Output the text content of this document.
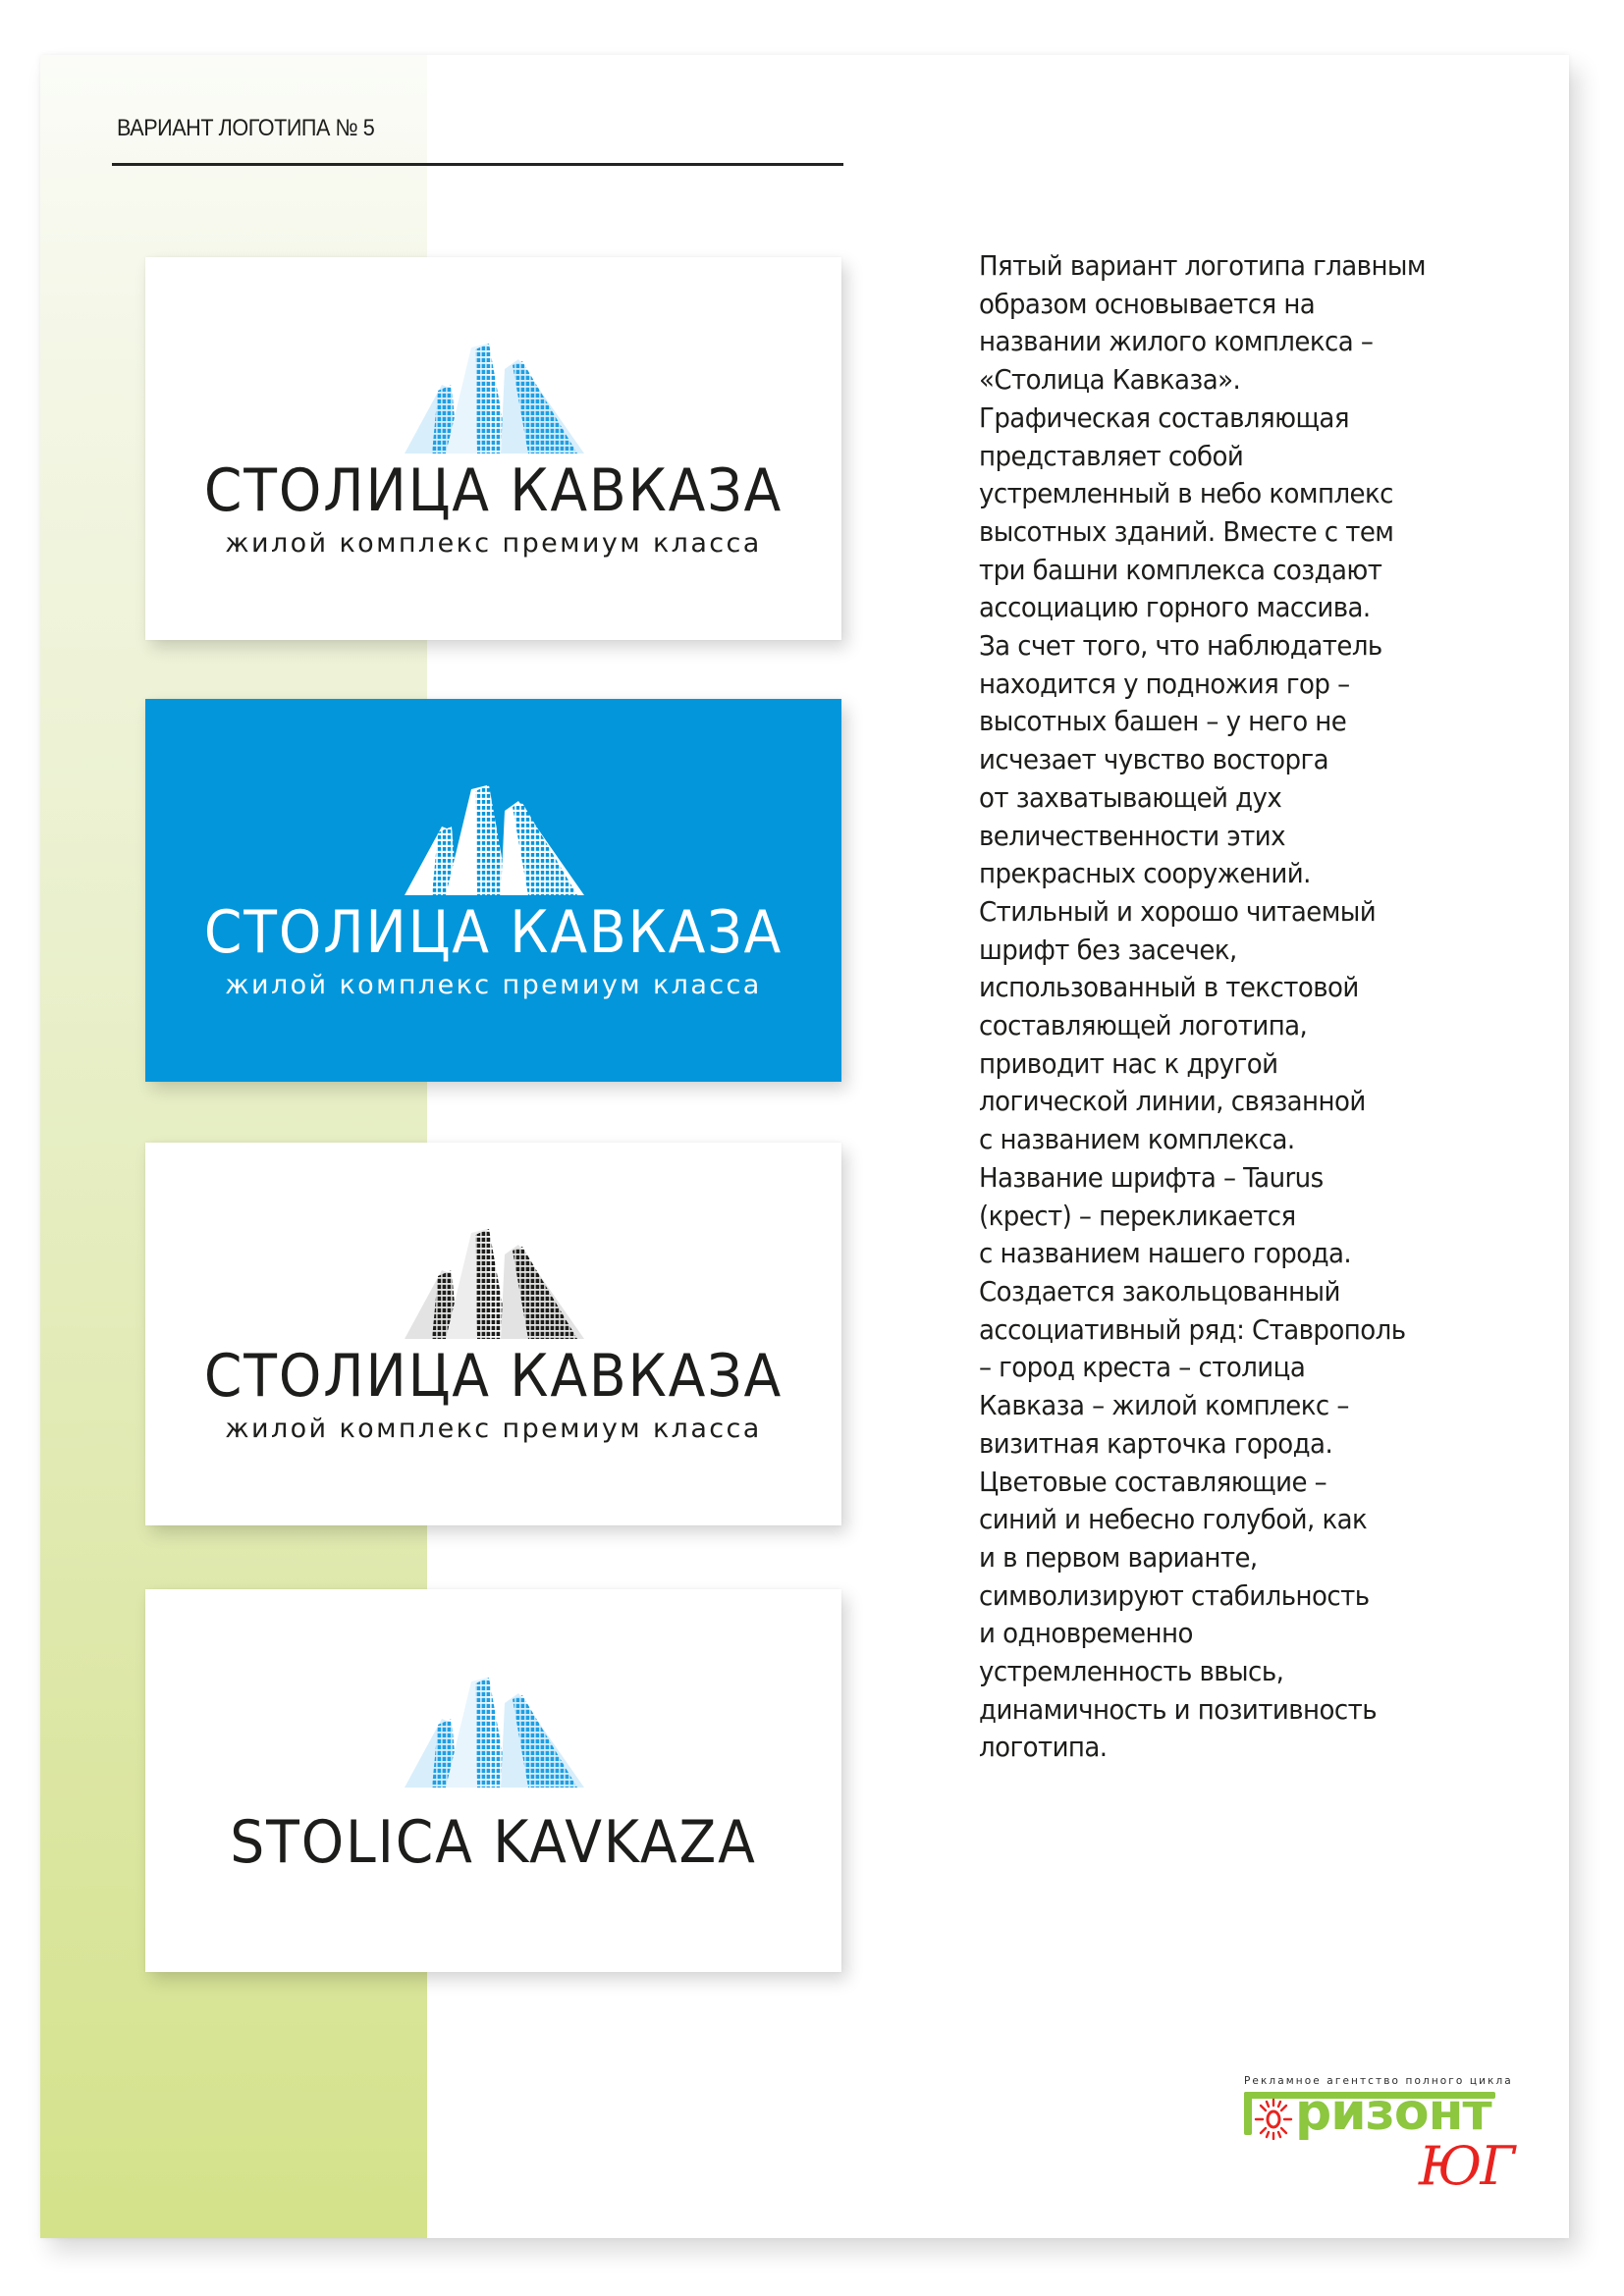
ВАРИАНТ ЛОГОТИПА № 5
СТОЛИЦА КАВКАЗА
жилой комплекс премиум класса
СТОЛИЦА КАВКАЗА
жилой комплекс премиум класса
СТОЛИЦА КАВКАЗА
жилой комплекс премиум класса
STOLICA KAVKAZA
Пятый вариант логотипа главным
образом основывается на
названии жилого комплекса –
«Столица Кавказа».
Графическая составляющая
представляет собой
устремленный в небо комплекс
высотных зданий. Вместе с тем
три башни комплекса создают
ассоциацию горного массива.
За счет того, что наблюдатель
находится у подножия гор –
высотных башен – у него не
исчезает чувство восторга
от захватывающей дух
величественности этих
прекрасных сооружений.
Стильный и хорошо читаемый
шрифт без засечек,
использованный в текстовой
составляющей логотипа,
приводит нас к другой
логической линии, связанной
с названием комплекса.
Название шрифта – Taurus
(крест) – перекликается
с названием нашего города.
Создается закольцованный
ассоциативный ряд: Ставрополь
– город креста – столица
Кавказа – жилой комплекс –
визитная карточка города.
Цветовые составляющие –
синий и небесно голубой, как
и в первом варианте,
символизируют стабильность
и одновременно
устремленность ввысь,
динамичность и позитивность
логотипа.
Рекламное агентство полного цикла
ризонт
ЮГ
